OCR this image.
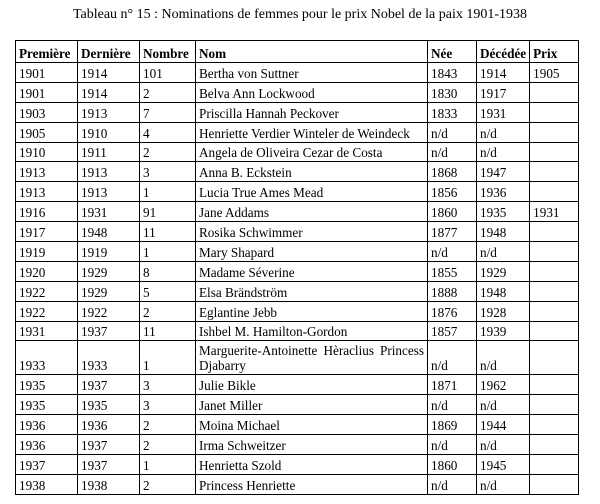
Tableau n° 15 : Nominations de femmes pour le prix Nobel de la paix 1901-1938
Première	Dernière	Nombre	Nom	Née	Décédée	Prix
1901	1914	101	Bertha von Suttner	1843	1914	1905
1901	1914	2	Belva Ann Lockwood	1830	1917	
1903	1913	7	Priscilla Hannah Peckover	1833	1931	
1905	1910	4	Henriette Verdier Winteler de Weindeck	n/d	n/d	
1910	1911	2	Angela de Oliveira Cezar de Costa	n/d	n/d	
1913	1913	3	Anna B. Eckstein	1868	1947	
1913	1913	1	Lucia True Ames Mead	1856	1936	
1916	1931	91	Jane Addams	1860	1935	1931
1917	1948	11	Rosika Schwimmer	1877	1948	
1919	1919	1	Mary Shapard	n/d	n/d	
1920	1929	8	Madame Séverine	1855	1929	
1922	1929	5	Elsa Brändström	1888	1948	
1922	1922	2	Eglantine Jebb	1876	1928	
1931	1937	11	Ishbel M. Hamilton-Gordon	1857	1939	
1933	1933	1	Marguerite-Antoinette Hèraclius Princess Djabarry	n/d	n/d	
1935	1937	3	Julie Bikle	1871	1962	
1935	1935	3	Janet Miller	n/d	n/d	
1936	1936	2	Moina Michael	1869	1944	
1936	1937	2	Irma Schweitzer	n/d	n/d	
1937	1937	1	Henrietta Szold	1860	1945	
1938	1938	2	Princess Henriette	n/d	n/d	
